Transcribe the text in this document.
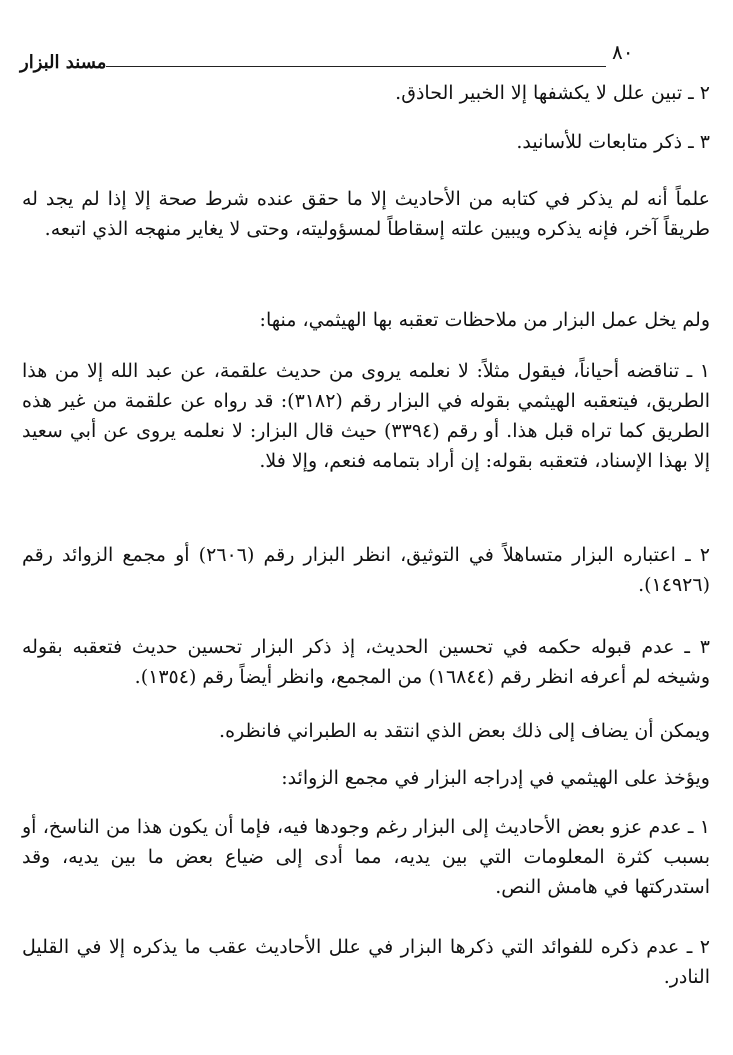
٨٠
مسند البزار

٢ ـ تبين علل لا يكشفها إلا الخبير الحاذق.

٣ ـ ذكر متابعات للأسانيد.

علماً أنه لم يذكر في كتابه من الأحاديث إلا ما حقق عنده شرط صحة إلا إذا لم يجد له طريقاً آخر، فإنه يذكره ويبين علته إسقاطاً لمسؤوليته، وحتى لا يغاير منهجه الذي اتبعه.

ولم يخل عمل البزار من ملاحظات تعقبه بها الهيثمي، منها:

١ ـ تناقضه أحياناً، فيقول مثلاً: لا نعلمه يروى من حديث علقمة، عن عبد الله إلا من هذا الطريق، فيتعقبه الهيثمي بقوله في البزار رقم (٣١٨٢): قد رواه عن علقمة من غير هذه الطريق كما تراه قبل هذا. أو رقم (٣٣٩٤) حيث قال البزار: لا نعلمه يروى عن أبي سعيد إلا بهذا الإسناد، فتعقبه بقوله: إن أراد بتمامه فنعم، وإلا فلا.

٢ ـ اعتباره البزار متساهلاً في التوثيق، انظر البزار رقم (٢٦٠٦) أو مجمع الزوائد رقم (١٤٩٢٦).

٣ ـ عدم قبوله حكمه في تحسين الحديث، إذ ذكر البزار تحسين حديث فتعقبه بقوله وشيخه لم أعرفه انظر رقم (١٦٨٤٤) من المجمع، وانظر أيضاً رقم (١٣٥٤).

ويمكن أن يضاف إلى ذلك بعض الذي انتقد به الطبراني فانظره.

ويؤخذ على الهيثمي في إدراجه البزار في مجمع الزوائد:

١ ـ عدم عزو بعض الأحاديث إلى البزار رغم وجودها فيه، فإما أن يكون هذا من الناسخ، أو بسبب كثرة المعلومات التي بين يديه، مما أدى إلى ضياع بعض ما بين يديه، وقد استدركتها في هامش النص.

٢ ـ عدم ذكره للفوائد التي ذكرها البزار في علل الأحاديث عقب ما يذكره إلا في القليل النادر.
